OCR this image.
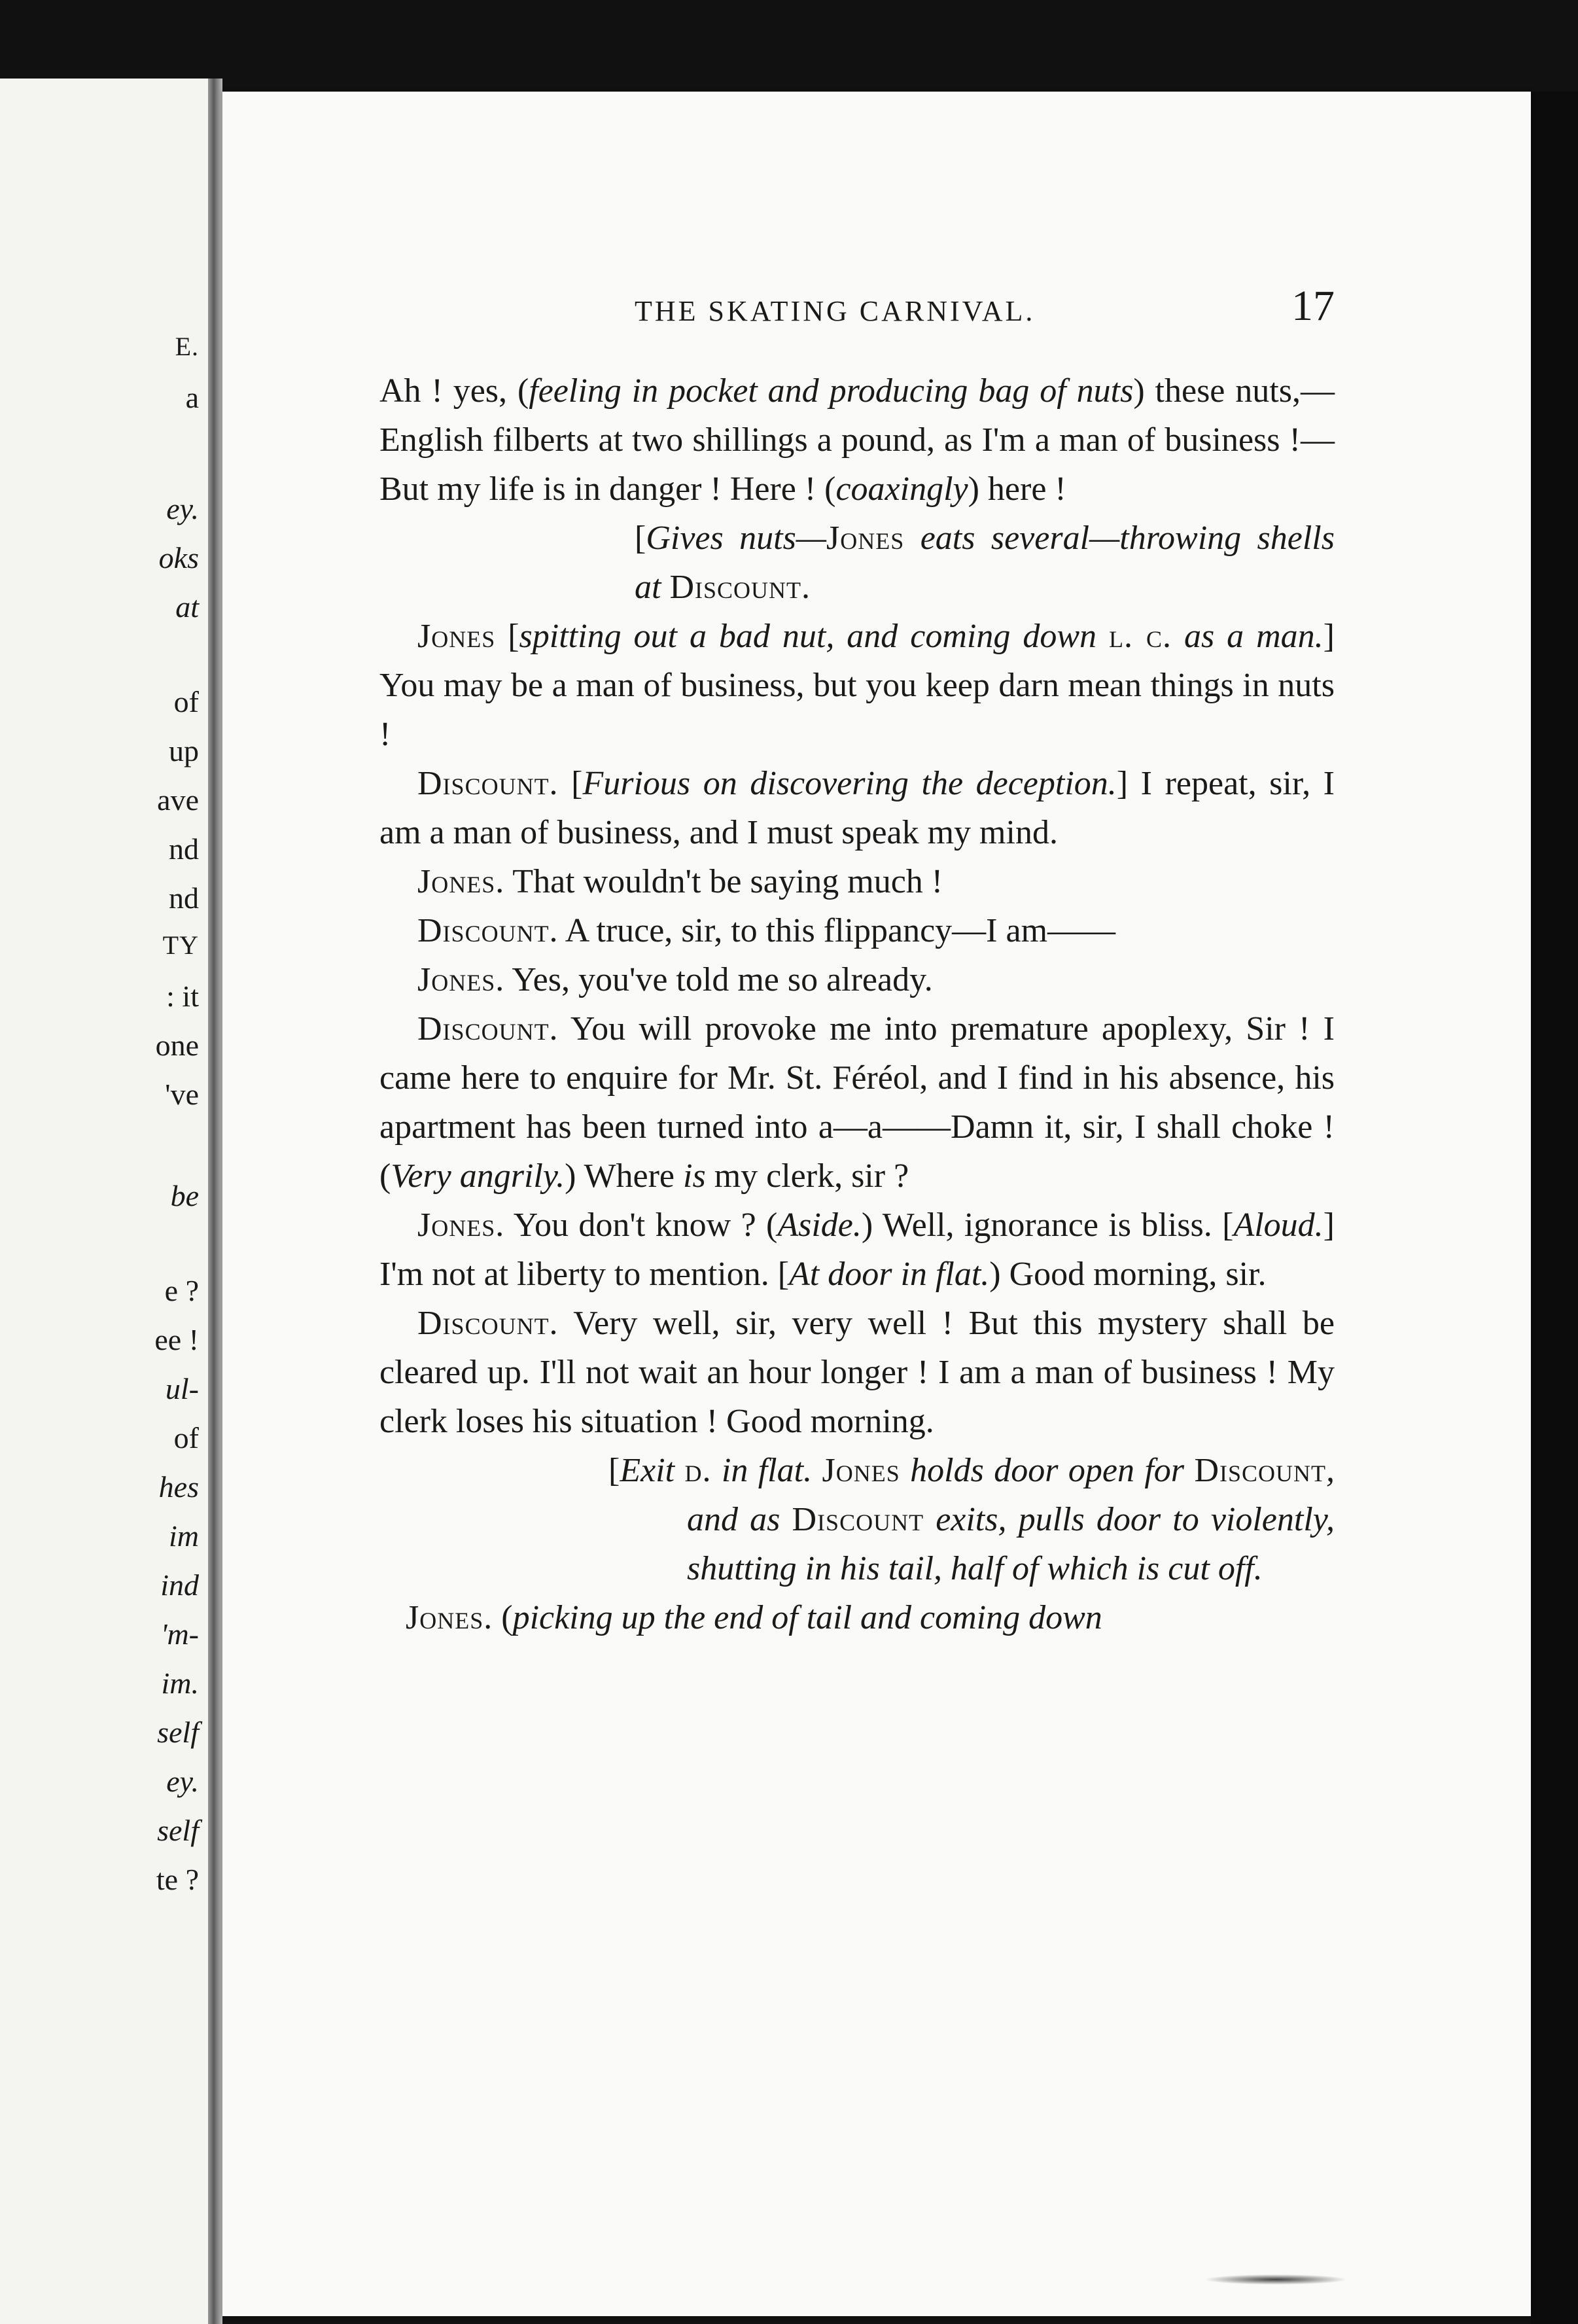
E.
a
ey.
oks
at
of
up
ave
nd
nd
TY
: it
one
've
be
e ?
ee !
ul-
of
hes
im
ind
'm-
im.
self
ey.
self
te ?
THE SKATING CARNIVAL.	17

Ah ! yes, (feeling in pocket and producing bag of nuts) these nuts,—English filberts at two shillings a pound, as I'm a man of business !—But my life is in danger ! Here ! (coaxingly) here !

[Gives nuts—Jones eats several—throwing shells at Discount.

Jones [spitting out a bad nut, and coming down l. c. as a man.] You may be a man of business, but you keep darn mean things in nuts !

Discount. [Furious on discovering the deception.] I repeat, sir, I am a man of business, and I must speak my mind.

Jones. That wouldn't be saying much !

Discount. A truce, sir, to this flippancy—I am——

Jones. Yes, you've told me so already.

Discount. You will provoke me into premature apoplexy, Sir ! I came here to enquire for Mr. St. Féréol, and I find in his absence, his apartment has been turned into a—a——Damn it, sir, I shall choke ! (Very angrily.) Where is my clerk, sir ?

Jones. You don't know ? (Aside.) Well, ignorance is bliss. [Aloud.] I'm not at liberty to mention. [At door in flat.) Good morning, sir.

Discount. Very well, sir, very well ! But this mystery shall be cleared up. I'll not wait an hour longer ! I am a man of business ! My clerk loses his situation ! Good morning.

[Exit d. in flat. Jones holds door open for Discount, and as Discount exits, pulls door to violently, shutting in his tail, half of which is cut off.

Jones. (picking up the end of tail and coming down
